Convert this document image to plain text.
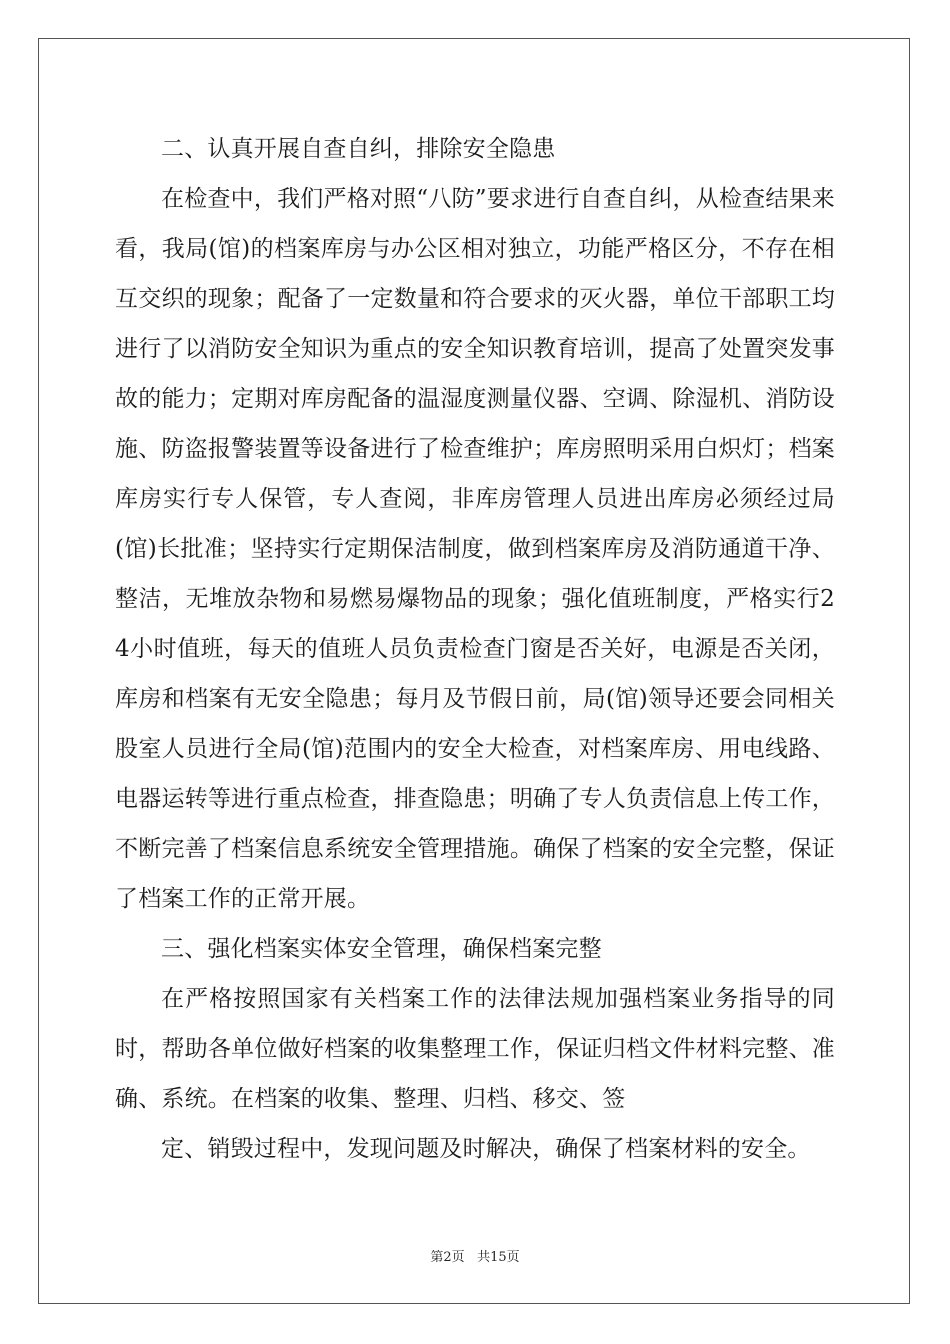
二、认真开展自查自纠，排除安全隐患

在检查中，我们严格对照“八防”要求进行自查自纠，从检查结果来看，我局(馆)的档案库房与办公区相对独立，功能严格区分，不存在相互交织的现象；配备了一定数量和符合要求的灭火器，单位干部职工均进行了以消防安全知识为重点的安全知识教育培训，提高了处置突发事故的能力；定期对库房配备的温湿度测量仪器、空调、除湿机、消防设施、防盗报警装置等设备进行了检查维护；库房照明采用白炽灯；档案库房实行专人保管，专人查阅，非库房管理人员进出库房必须经过局(馆)长批准；坚持实行定期保洁制度，做到档案库房及消防通道干净、整洁，无堆放杂物和易燃易爆物品的现象；强化值班制度，严格实行24小时值班，每天的值班人员负责检查门窗是否关好，电源是否关闭，库房和档案有无安全隐患；每月及节假日前，局(馆)领导还要会同相关股室人员进行全局(馆)范围内的安全大检查，对档案库房、用电线路、电器运转等进行重点检查，排查隐患；明确了专人负责信息上传工作，不断完善了档案信息系统安全管理措施。确保了档案的安全完整，保证了档案工作的正常开展。

三、强化档案实体安全管理，确保档案完整

在严格按照国家有关档案工作的法律法规加强档案业务指导的同时，帮助各单位做好档案的收集整理工作，保证归档文件材料完整、准确、系统。在档案的收集、整理、归档、移交、签

定、销毁过程中，发现问题及时解决，确保了档案材料的安全。

第2页 共15页
